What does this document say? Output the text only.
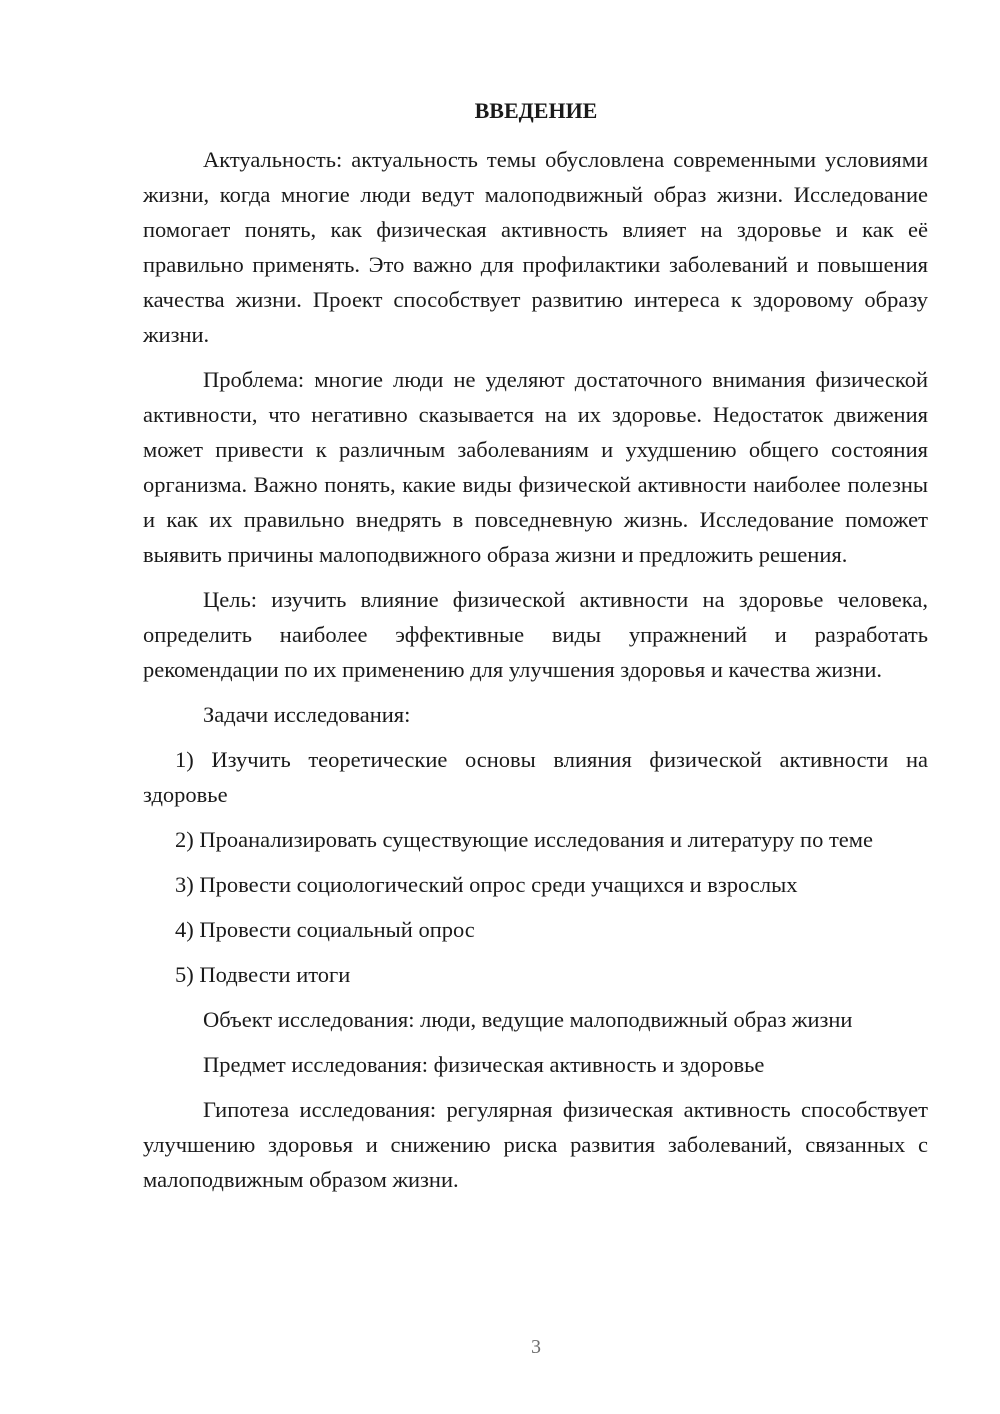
ВВЕДЕНИЕ

Актуальность: актуальность темы обусловлена современными условиями жизни, когда многие люди ведут малоподвижный образ жизни. Исследование помогает понять, как физическая активность влияет на здоровье и как её правильно применять. Это важно для профилактики заболеваний и повышения качества жизни. Проект способствует развитию интереса к здоровому образу жизни.

Проблема: многие люди не уделяют достаточного внимания физической активности, что негативно сказывается на их здоровье. Недостаток движения может привести к различным заболеваниям и ухудшению общего состояния организма. Важно понять, какие виды физической активности наиболее полезны и как их правильно внедрять в повседневную жизнь. Исследование поможет выявить причины малоподвижного образа жизни и предложить решения.

Цель: изучить влияние физической активности на здоровье человека, определить наиболее эффективные виды упражнений и разработать рекомендации по их применению для улучшения здоровья и качества жизни.

Задачи исследования:

1) Изучить теоретические основы влияния физической активности на здоровье

2) Проанализировать существующие исследования и литературу по теме

3) Провести социологический опрос среди учащихся и взрослых

4) Провести социальный опрос

5) Подвести итоги

Объект исследования: люди, ведущие малоподвижный образ жизни

Предмет исследования: физическая активность и здоровье

Гипотеза исследования: регулярная физическая активность способствует улучшению здоровья и снижению риска развития заболеваний, связанных с малоподвижным образом жизни.

3
